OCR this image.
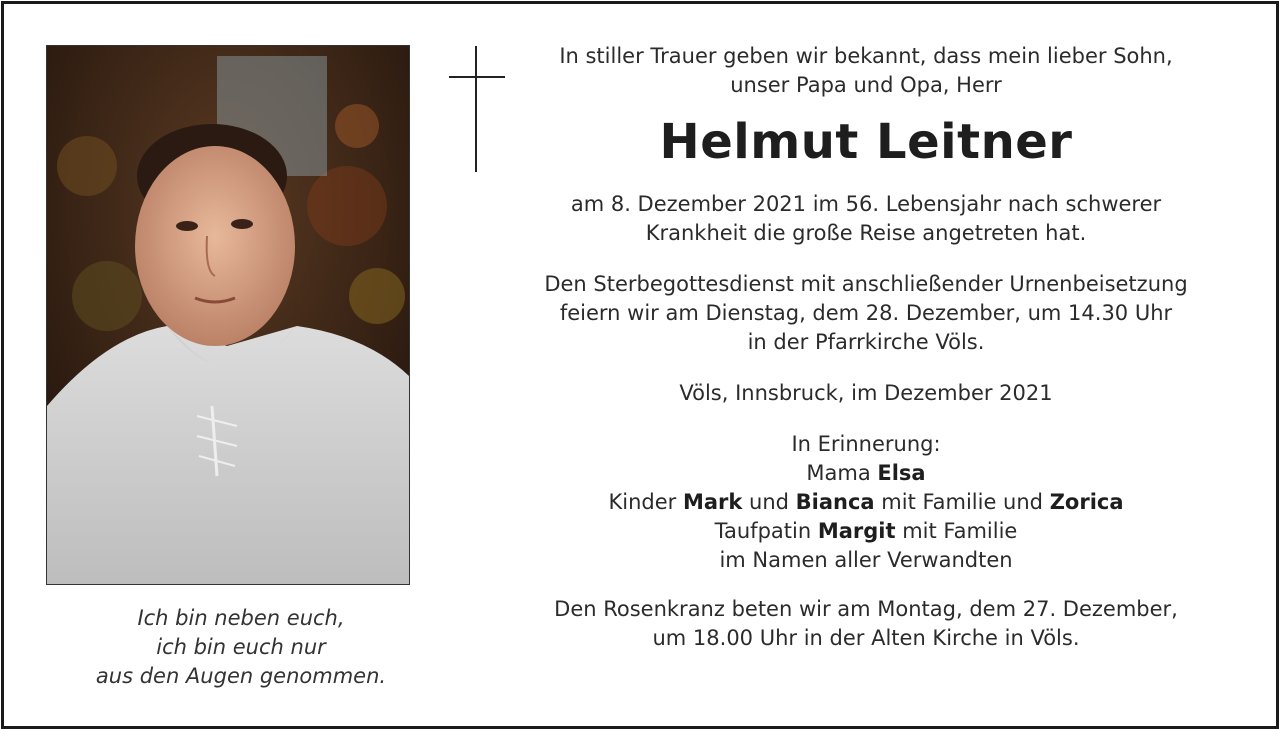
Ich bin neben euch,
ich bin euch nur
aus den Augen genommen.
In stiller Trauer geben wir bekannt, dass mein lieber Sohn,
unser Papa und Opa, Herr
Helmut Leitner
am 8. Dezember 2021 im 56. Lebensjahr nach schwerer
Krankheit die große Reise angetreten hat.
Den Sterbegottesdienst mit anschließender Urnenbeisetzung
feiern wir am Dienstag, dem 28. Dezember, um 14.30 Uhr
in der Pfarrkirche Völs.
Völs, Innsbruck, im Dezember 2021
In Erinnerung:
Mama Elsa
Kinder Mark und Bianca mit Familie und Zorica
Taufpatin Margit mit Familie
im Namen aller Verwandten
Den Rosenkranz beten wir am Montag, dem 27. Dezember,
um 18.00 Uhr in der Alten Kirche in Völs.
